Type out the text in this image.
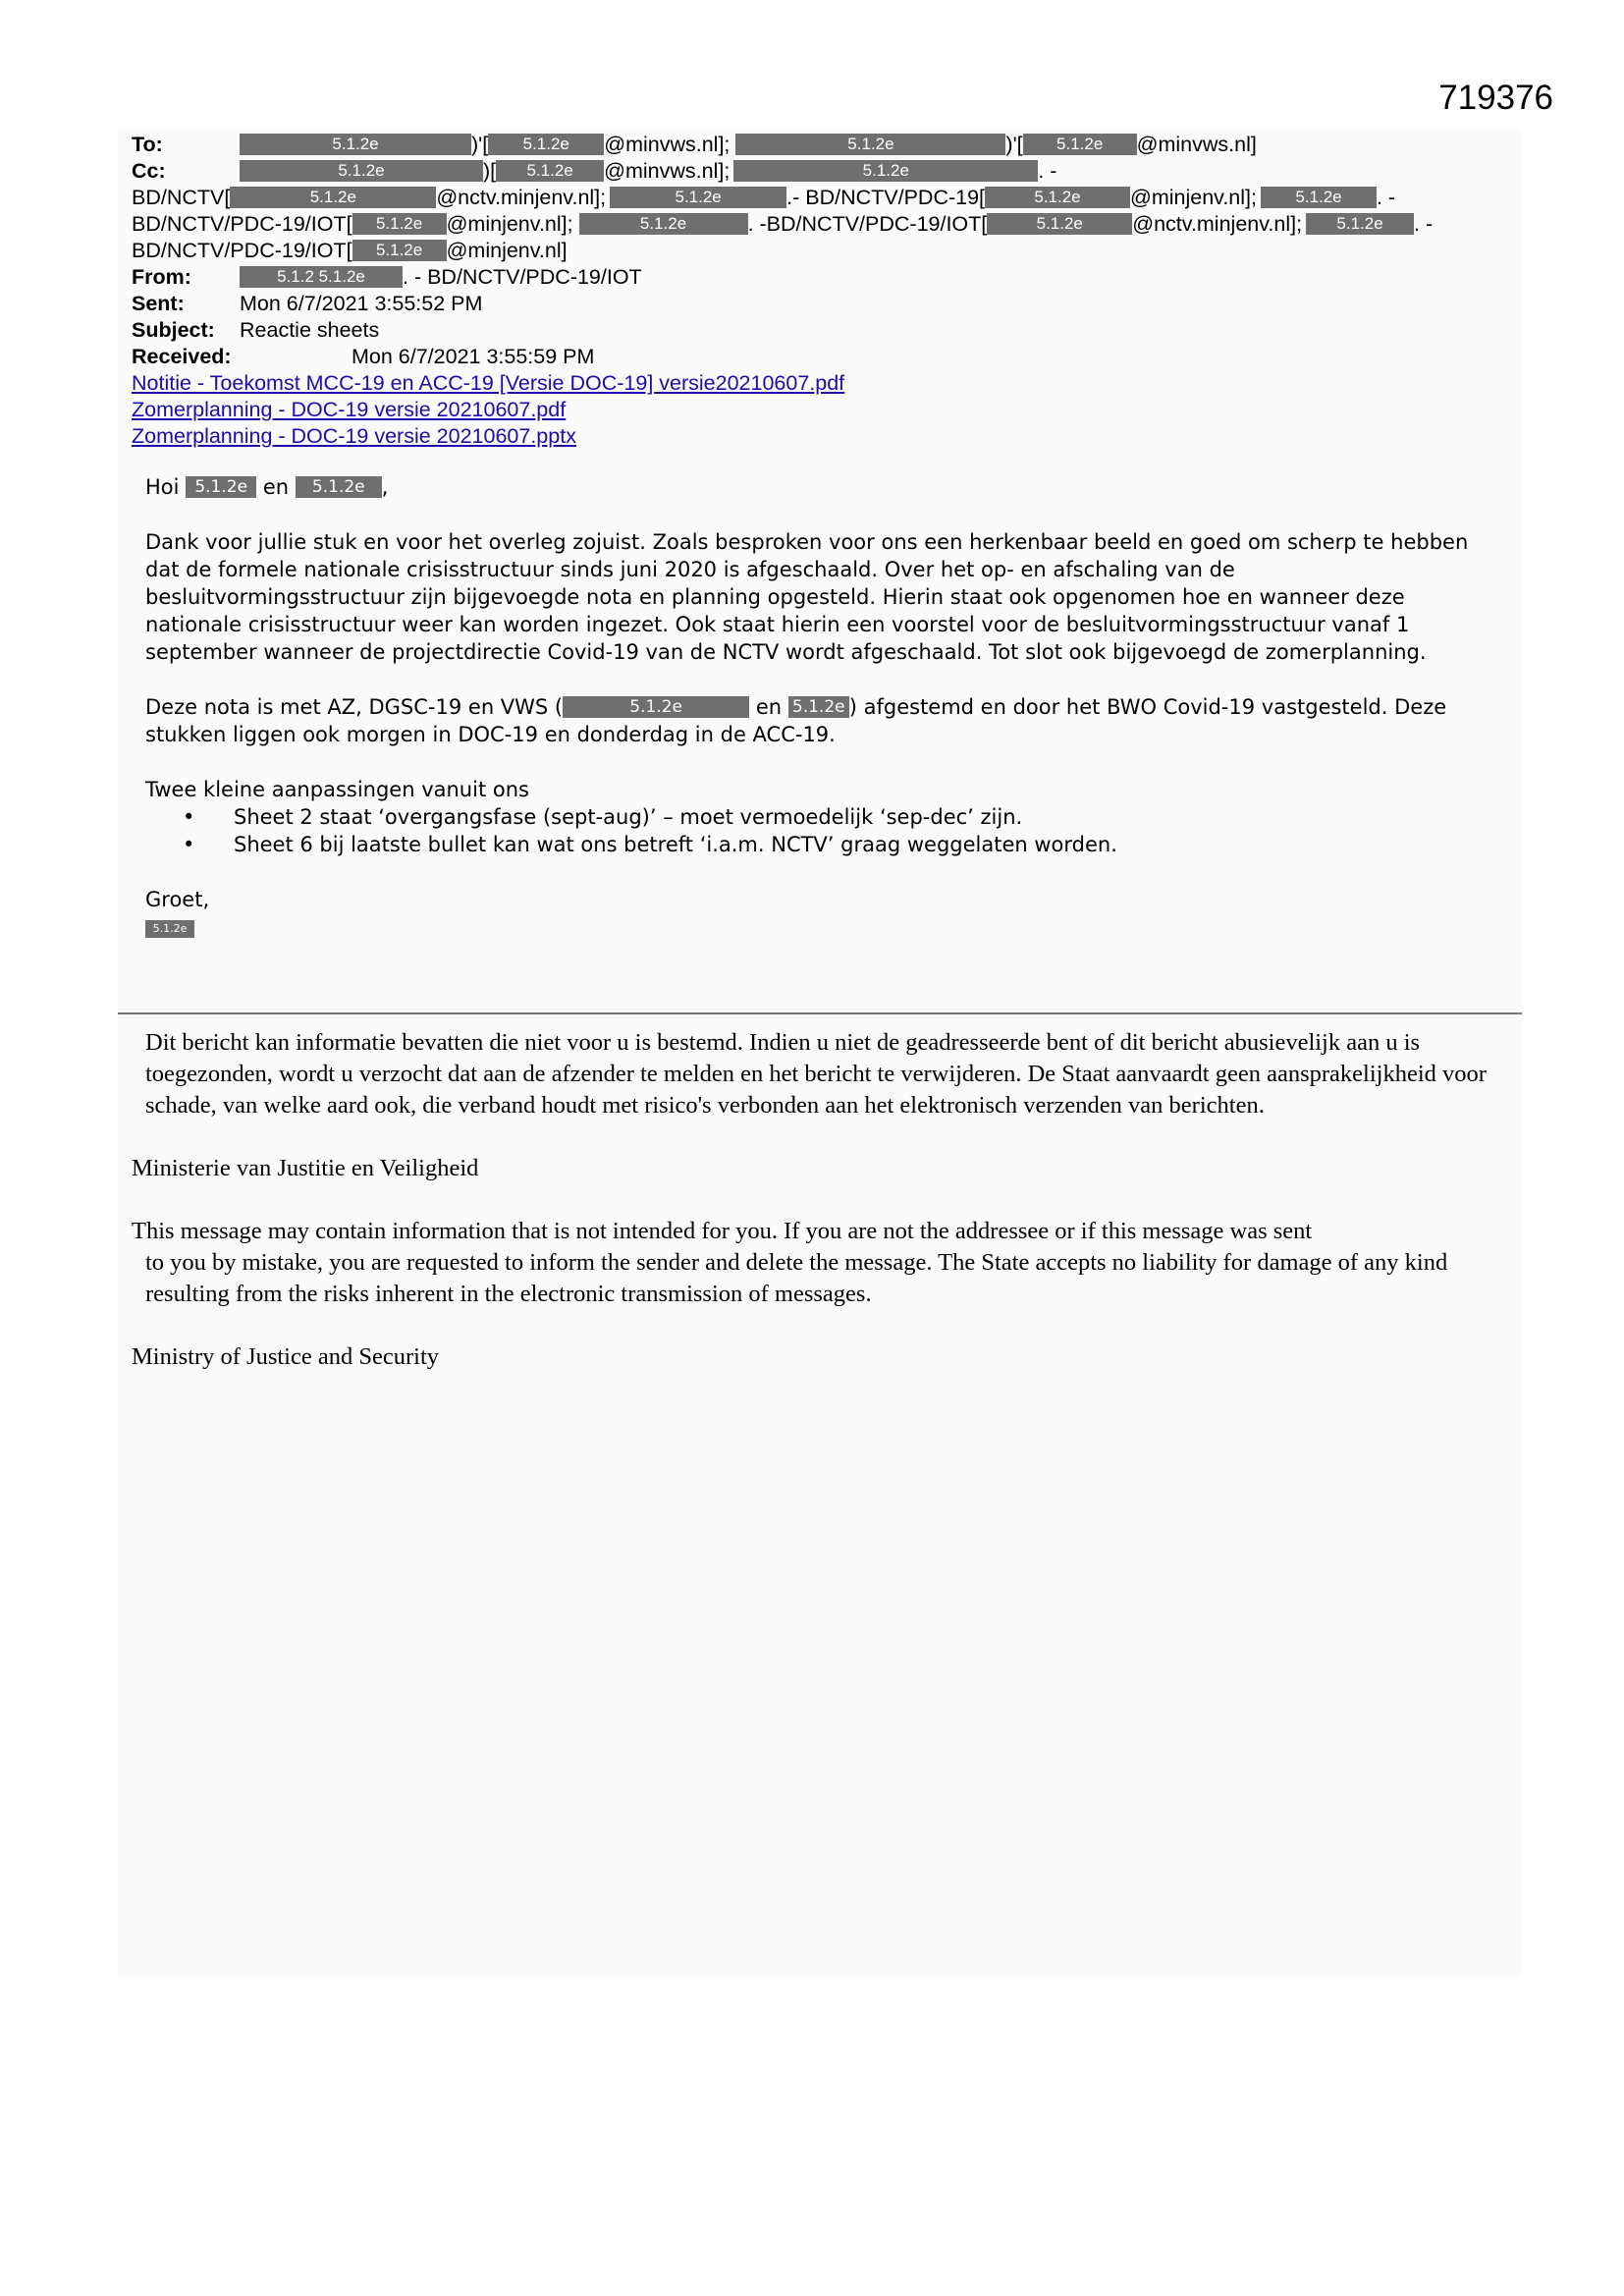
719376
To:	5.1.2e	)'[ 5.1.2e @minvws.nl];	5.1.2e	)'[ 5.1.2e @minvws.nl]
Cc:	5.1.2e	)[ 5.1.2e @minvws.nl];	5.1.2e	. -
BD/NCTV[	5.1.2e	@nctv.minjenv.nl];	5.1.2e	.- BD/NCTV/PDC-19[	5.1.2e @minjenv.nl]; 5.1.2e . -
BD/NCTV/PDC-19/IOT[ 5.1.2e @minjenv.nl];	5.1.2e	. -BD/NCTV/PDC-19/IOT[	5.1.2e @nctv.minjenv.nl]; 5.1.2e . -
BD/NCTV/PDC-19/IOT[ 5.1.2e @minjenv.nl]
From:	5.1.2 5.1.2e . - BD/NCTV/PDC-19/IOT
Sent:	Mon 6/7/2021 3:55:52 PM
Subject: Reactie sheets
Received:	Mon 6/7/2021 3:55:59 PM
Notitie - Toekomst MCC-19 en ACC-19 [Versie DOC-19] versie20210607.pdf
Zomerplanning - DOC-19 versie 20210607.pdf
Zomerplanning - DOC-19 versie 20210607.pptx

Hoi 5.1.2e en 5.1.2e ,

Dank voor jullie stuk en voor het overleg zojuist. Zoals besproken voor ons een herkenbaar beeld en goed om scherp te hebben dat de formele nationale crisisstructuur sinds juni 2020 is afgeschaald. Over het op- en afschaling van de besluitvormingsstructuur zijn bijgevoegde nota en planning opgesteld. Hierin staat ook opgenomen hoe en wanneer deze nationale crisisstructuur weer kan worden ingezet. Ook staat hierin een voorstel voor de besluitvormingsstructuur vanaf 1 september wanneer de projectdirectie Covid-19 van de NCTV wordt afgeschaald. Tot slot ook bijgevoegd de zomerplanning.

Deze nota is met AZ, DGSC-19 en VWS (	5.1.2e	en 5.1.2e ) afgestemd en door het BWO Covid-19 vastgesteld. Deze stukken liggen ook morgen in DOC-19 en donderdag in de ACC-19.

Twee kleine aanpassingen vanuit ons

• Sheet 2 staat ‘overgangsfase (sept-aug)’ – moet vermoedelijk ‘sep-dec’ zijn.
• Sheet 6 bij laatste bullet kan wat ons betreft ‘i.a.m. NCTV’ graag weggelaten worden.

Groet,

5.1.2e

Dit bericht kan informatie bevatten die niet voor u is bestemd. Indien u niet de geadresseerde bent of dit bericht abusievelijk aan u is toegezonden, wordt u verzocht dat aan de afzender te melden en het bericht te verwijderen. De Staat aanvaardt geen aansprakelijkheid voor schade, van welke aard ook, die verband houdt met risico's verbonden aan het elektronisch verzenden van berichten.

Ministerie van Justitie en Veiligheid

This message may contain information that is not intended for you. If you are not the addressee or if this message was sent
to you by mistake, you are requested to inform the sender and delete the message. The State accepts no liability for damage of any kind resulting from the risks inherent in the electronic transmission of messages.

Ministry of Justice and Security
